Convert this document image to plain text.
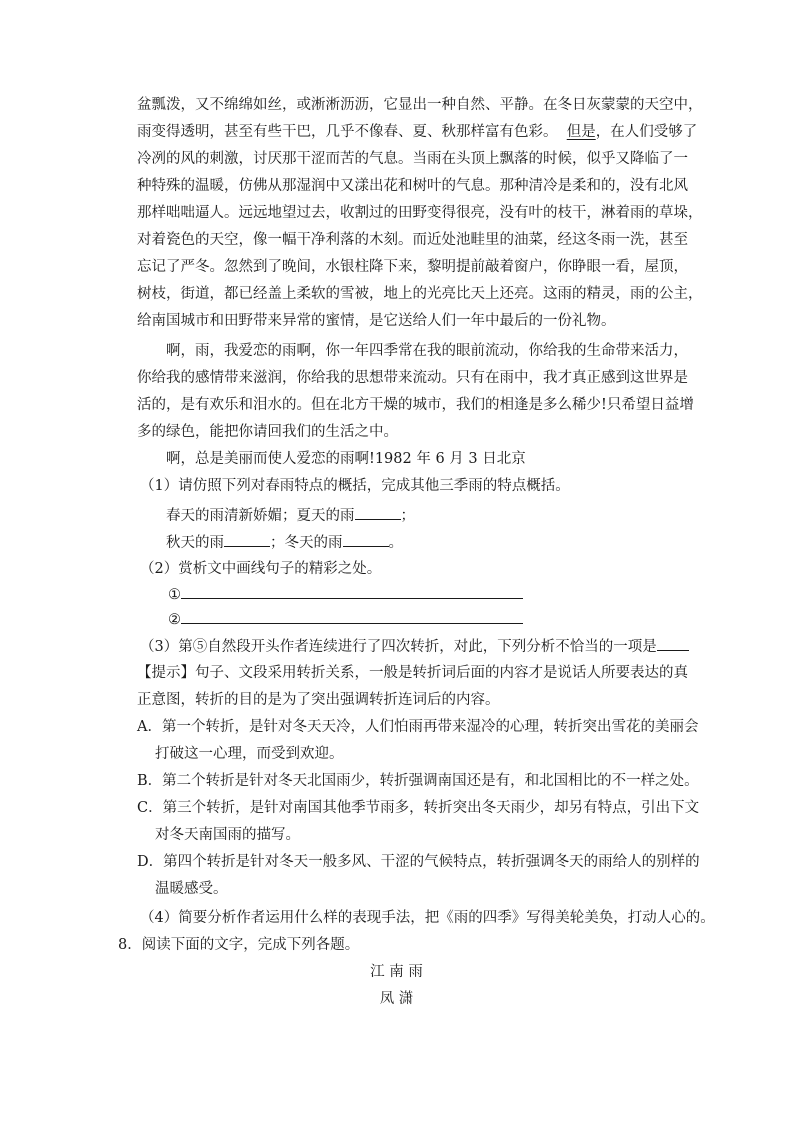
盆瓢泼，又不绵绵如丝，或淅淅沥沥，它显出一种自然、平静。在冬日灰蒙蒙的天空中，
雨变得透明，甚至有些干巴，几乎不像春、夏、秋那样富有色彩。 但是，在人们受够了
冷冽的风的刺激，讨厌那干涩而苦的气息。当雨在头顶上飘落的时候，似乎又降临了一
种特殊的温暖，仿佛从那湿润中又漾出花和树叶的气息。那种清冷是柔和的，没有北风
那样咄咄逼人。远远地望过去，收割过的田野变得很亮，没有叶的枝干，淋着雨的草垛，
对着瓷色的天空，像一幅干净利落的木刻。而近处池畦里的油菜，经这冬雨一洗，甚至
忘记了严冬。忽然到了晚间，水银柱降下来，黎明提前敲着窗户，你睁眼一看，屋顶，
树枝，街道，都已经盖上柔软的雪被，地上的光亮比天上还亮。这雨的精灵，雨的公主，
给南国城市和田野带来异常的蜜情，是它送给人们一年中最后的一份礼物。
啊，雨，我爱恋的雨啊，你一年四季常在我的眼前流动，你给我的生命带来活力，
你给我的感情带来滋润，你给我的思想带来流动。只有在雨中，我才真正感到这世界是
活的，是有欢乐和泪水的。但在北方干燥的城市，我们的相逢是多么稀少!只希望日益增
多的绿色，能把你请回我们的生活之中。
啊，总是美丽而使人爱恋的雨啊!1982 年 6 月 3 日北京
（1）请仿照下列对春雨特点的概括，完成其他三季雨的特点概括。
春天的雨清新娇媚；夏天的雨	；
秋天的雨	；冬天的雨	。
（2）赏析文中画线句子的精彩之处。
①
②
（3）第⑤自然段开头作者连续进行了四次转折，对此，下列分析不恰当的一项是
【提示】句子、文段采用转折关系，一般是转折词后面的内容才是说话人所要表达的真
正意图，转折的目的是为了突出强调转折连词后的内容。
A．第一个转折，是针对冬天天冷，人们怕雨再带来湿冷的心理，转折突出雪花的美丽会
打破这一心理，而受到欢迎。
B．第二个转折是针对冬天北国雨少，转折强调南国还是有，和北国相比的不一样之处。
C．第三个转折，是针对南国其他季节雨多，转折突出冬天雨少，却另有特点，引出下文
对冬天南国雨的描写。
D．第四个转折是针对冬天一般多风、干涩的气候特点，转折强调冬天的雨给人的别样的
温暖感受。
（4）简要分析作者运用什么样的表现手法，把《雨的四季》写得美轮美奂，打动人心的。
8．阅读下面的文字，完成下列各题。
江 南 雨
凤 潇
